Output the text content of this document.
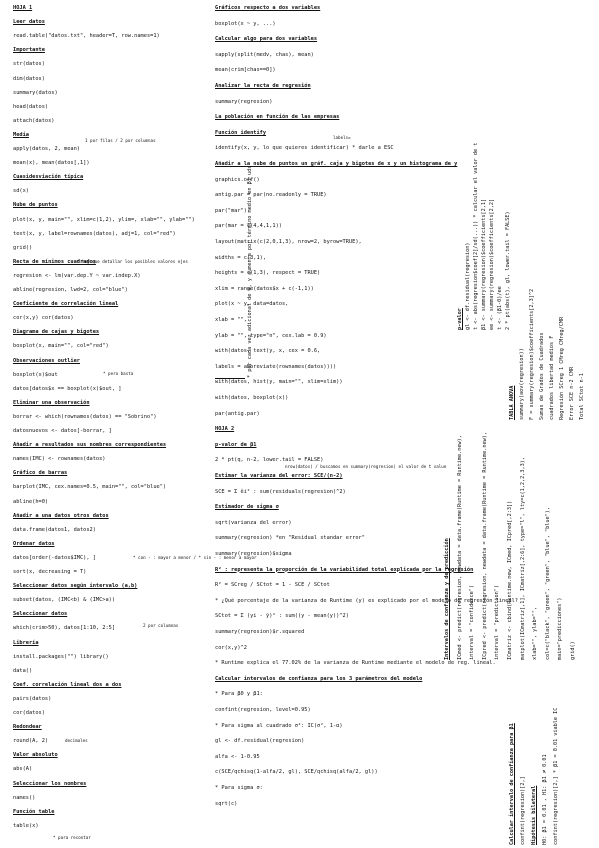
HOJA 1
Leer datos
read.table("datos.txt", header=T, row.names=1)
Importante
str(datos)
dim(datos)
summary(datos)
head(datos)
attach(datos)
Media
apply(datos, 2, mean)
mean(x), mean(datos[,1])
Cuasidesviación típica
sd(x)
Nube de puntos
plot(x, y, main="", xlim=c(1,2), ylim=, xlab="", ylab="")
text(x, y, label=rownames(datos), adj=1, col="red")
grid()
Recta de mínimos cuadrados
regresion <- lm(var.dep.Y ~ var.indep.X)
abline(regresion, lwd=2, col="blue")
Coeficiente de correlación lineal
cor(x,y) cor(datos)
Diagrama de cajas y bigotes
boxplot(x, main="", col="red")
Observaciones outlier
boxplot(x)$out
datos[datos$x == boxplot(x)$out, ]
Eliminar una observación
borrar <- which(rownames(datos) == "Sobrino")
datosnuevos <- datos[-borrar, ]
Añadir a resultados sus nombres correspondientes
names(IMC) <- rownames(datos)
Gráfico de barras
barplot(IMC, cex.names=0.5, main="", col="blue")
abline(h=0)
Añadir a una datos otros datos
data.frame(datos1, datos2)
Ordenar datos
datos[order(-datos$IMC), ]
sort(x, decreasing = T)
Seleccionar datos según intervalo (a,b)
subset(datos, (IMC<b) & (IMC>a))
Seleccionar datos
which(crim>50), datos[1:10, 2:5]
Librería
install.packages("") library()
data()
Coef. correlación lineal dos a dos
pairs(datos)
cor(datos)
Redondear
round(A, 2)
Valor absoluto
abs(A)
Seleccionar los nombres
names()
Función table
table(x)
1 por filas / 2 por columnas
* hay que detallar los posibles valores ejes
* pero basta
* con - : mayor a menor / * sin - : menor a mayor
2 por columnas
decimales
* para recontar
Gráficos respecto a dos variables
boxplot(x ~ y, ...)
Calcular algo para dos variables
sapply(split(medv, chas), mean)
mean(crim[chas==0])
Analizar la recta de regresión
summary(regresion)
La población en función de las empresas
Función identify
identify(x, y, lo que quieres identificar) * darle a ESC
Añadir a la nube de puntos un gráf. caja y bigotes de x y un histograma de y
graphics.off()
antig.par = par(no.readonly = TRUE)
par("mar")
par(mar = c(4,4,1,1))
layout(matrix(c(2,0,1,3), nrow=2, byrow=TRUE),
widths = c(3,1),
heights = c(1,3), respect = TRUE)
xlim = range(datos$x + c(-1,1))
plot(x ~ y, data=datos,
xlab = "",
ylab = "", type="n", cex.lab = 0.9)
with(datos, text(y, x, cex = 0.6,
labels = abbreviate(rownames(datos))))
with(datos, hist(y, main="", xlim=xlim))
with(datos, boxplot(x))
par(antig.par)
HOJA 2
p-valor de β1
2 * pt(q, n-2, lower.tail = FALSE)
Estimar la varianza del error: SCE/(n-2)
SCE = Σ êi² : sum(residuals(regresion)^2)
Estimador de sigma σ
sqrt(varianza del error)
summary(regresion) *en "Residual standar error"
summary(regresion)$sigma
R² : representa la proporción de la variabilidad total explicada por la regresión
R² = SCreg / SCtot = 1 - SCE / SCtot
* ¿Qué porcentaje de la varianza de Runtime (y) es explicado por el modelo de regresión lineal?
SCtot = Σ (yi - ȳ)² : sum((y - mean(y))^2)
summary(regresion)$r.squared
cor(x,y)^2
* Runtime explica el 77.02% de la varianza de Runtime mediante el modelo de reg. lineal.
Calcular intervalos de confianza para los 3 parámetros del modelo
* Para β0 y β1:
confint(regresion, level=0.95)
* Para sigma al cuadrado σ²: IC(σ², 1-α)
gl <- df.residual(regresion)
alfa <- 1-0.95
c(SCE/qchisq(1-alfa/2, gl), SCE/qchisq(alfa/2, gl))
* Para sigma σ:
sqrt(c)
labels=
nrow(datos) / buscamos en summary(regresion) el valor de t value
* por cada vez adicional de x, y aumenta por término medio en β1 uds	p-valor gl <- df.residual(regresion) t <- abs(regresion$coef[2]/sd(...)) * calcular el valor de t β1 <- summary(regresion)$coefficients[2,1] ee <- summary(regresion)$coefficients[2,2] t <- (β1-0)/ee 2 * pt(abs(t), gl, lower.tail = FALSE)
TABLA ANOVA summary(aov(regresion)) F = summary(regresion)$coefficients[2,3]^2 Sumas de Grados de Cuadrados cuadrados libertad medios F Regresión SCreg 1 CMreg CMreg/CMR Error SCE n-2 CMR Total SCtot n-1
Intervalos de confianza y de predicción ICmed <- predict(regresion, newdata = data.frame(Runtime = Runtime.new), interval = "confidence") ICpred <- predict(regresion, newdata = data.frame(Runtime = Runtime.new), interval = "prediction") ICmatriz <- cbind(Runtime.new, ICmed, ICpred[,2:3]) matplot(ICmatriz[,1], ICmatriz[,2:6], type="l", lty=c(1,2,2,3,3), xlab="", ylab="", col=c("black", "green", "green", "blue", "blue"), main="predicciones") grid()
Calcular intervalo de confianza para β1 confint(regresion)[2,] Hipótesis bilateral H0: β1 = 0.01 , H1: β1 ≠ 0.01 confint(regresion)[2,] * β1 = 0.01 viable IC
